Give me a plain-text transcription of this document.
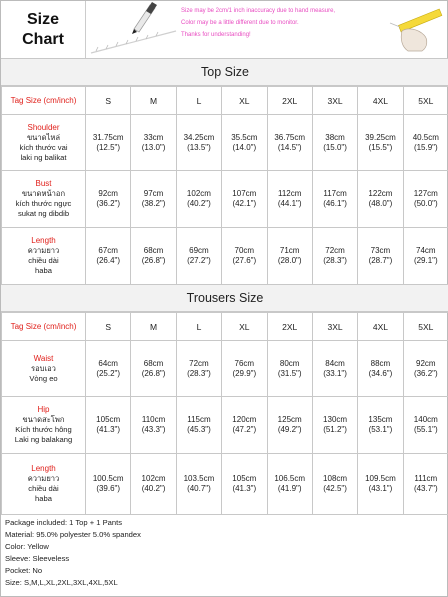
Size
Chart
Size may be 2cm/1 inch inaccuracy due to hand measure,
Color may be a little different due to monitor.
Thanks for understanding!
Top Size
Tag Size (cm/inch)	S	M	L	XL	2XL	3XL	4XL	5XL

Shoulder
ขนาดไหล่
kích thước vai
laki ng balikat	31.75cm
(12.5")	33cm
(13.0")	34.25cm
(13.5")	35.5cm
(14.0")	36.75cm
(14.5")	38cm
(15.0")	39.25cm
(15.5")	40.5cm
(15.9")

Bust
ขนาดหน้าอก
kích thước ngực
sukat ng dibdib	92cm
(36.2")	97cm
(38.2")	102cm
(40.2")	107cm
(42.1")	112cm
(44.1")	117cm
(46.1")	122cm
(48.0")	127cm
(50.0")

Length
ความยาว
chiều dài
haba	67cm
(26.4")	68cm
(26.8")	69cm
(27.2")	70cm
(27.6")	71cm
(28.0")	72cm
(28.3")	73cm
(28.7")	74cm
(29.1")
Trousers Size
Tag Size (cm/inch)	S	M	L	XL	2XL	3XL	4XL	5XL

Waist
รอบเอว
Vòng eo	64cm
(25.2")	68cm
(26.8")	72cm
(28.3")	76cm
(29.9")	80cm
(31.5")	84cm
(33.1")	88cm
(34.6")	92cm
(36.2")

Hip
ขนาดสะโพก
Kích thước hông
Laki ng balakang	105cm
(41.3")	110cm
(43.3")	115cm
(45.3")	120cm
(47.2")	125cm
(49.2")	130cm
(51.2")	135cm
(53.1")	140cm
(55.1")

Length
ความยาว
chiều dài
haba	100.5cm
(39.6")	102cm
(40.2")	103.5cm
(40.7")	105cm
(41.3")	106.5cm
(41.9")	108cm
(42.5")	109.5cm
(43.1")	111cm
(43.7")
Package included: 1 Top + 1 Pants
Material: 95.0% polyester 5.0% spandex
Color: Yellow
Sleeve: Sleeveless
Pocket: No
Size: S,M,L,XL,2XL,3XL,4XL,5XL
